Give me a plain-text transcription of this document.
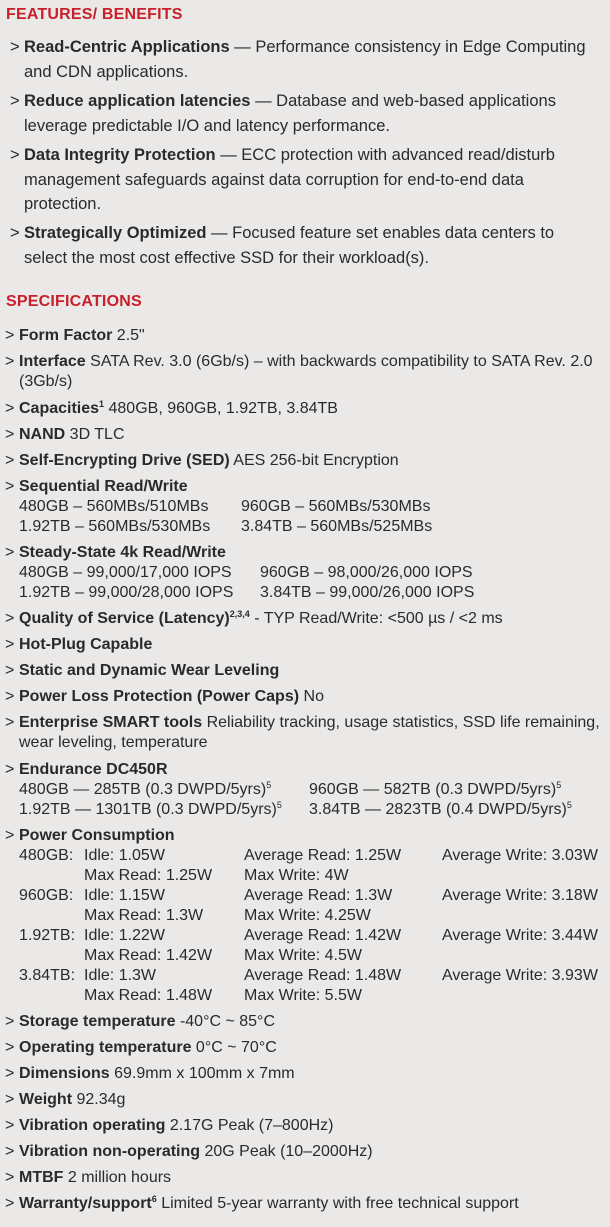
FEATURES/ BENEFITS
> Read-Centric Applications — Performance consistency in Edge Computing and CDN applications.
> Reduce application latencies — Database and web-based applications leverage predictable I/O and latency performance.
> Data Integrity Protection — ECC protection with advanced read/disturb management safeguards against data corruption for end-to-end data protection.
> Strategically Optimized — Focused feature set enables data centers to select the most cost effective SSD for their workload(s).
SPECIFICATIONS
> Form Factor 2.5"
> Interface SATA Rev. 3.0 (6Gb/s) – with backwards compatibility to SATA Rev. 2.0 (3Gb/s)
> Capacities$^1$ 480GB, 960GB, 1.92TB, 3.84TB
> NAND 3D TLC
> Self-Encrypting Drive (SED) AES 256-bit Encryption
> Sequential Read/Write
480GB – 560MBs/510MBs	960GB – 560MBs/530MBs
1.92TB – 560MBs/530MBs	3.84TB – 560MBs/525MBs
> Steady-State 4k Read/Write
480GB – 99,000/17,000 IOPS	960GB – 98,000/26,000 IOPS
1.92TB – 99,000/28,000 IOPS	3.84TB – 99,000/26,000 IOPS
> Quality of Service (Latency)$^{2,3,4}$ - TYP Read/Write: <500 µs / <2 ms
> Hot-Plug Capable
> Static and Dynamic Wear Leveling
> Power Loss Protection (Power Caps) No
> Enterprise SMART tools Reliability tracking, usage statistics, SSD life remaining, wear leveling, temperature
> Endurance DC450R
480GB — 285TB (0.3 DWPD/5yrs)$^5$	960GB — 582TB (0.3 DWPD/5yrs)$^5$
1.92TB — 1301TB (0.3 DWPD/5yrs)$^5$	3.84TB — 2823TB (0.4 DWPD/5yrs)$^5$
> Power Consumption
480GB: Idle: 1.05W	Average Read: 1.25W	Average Write: 3.03W
Max Read: 1.25W	Max Write: 4W
960GB: Idle: 1.15W	Average Read: 1.3W	Average Write: 3.18W
Max Read: 1.3W	Max Write: 4.25W
1.92TB: Idle: 1.22W	Average Read: 1.42W	Average Write: 3.44W
Max Read: 1.42W	Max Write: 4.5W
3.84TB: Idle: 1.3W	Average Read: 1.48W	Average Write: 3.93W
Max Read: 1.48W	Max Write: 5.5W
> Storage temperature -40°C ~ 85°C
> Operating temperature 0°C ~ 70°C
> Dimensions 69.9mm x 100mm x 7mm
> Weight 92.34g
> Vibration operating 2.17G Peak (7–800Hz)
> Vibration non-operating 20G Peak (10–2000Hz)
> MTBF 2 million hours
> Warranty/support$^6$ Limited 5-year warranty with free technical support
